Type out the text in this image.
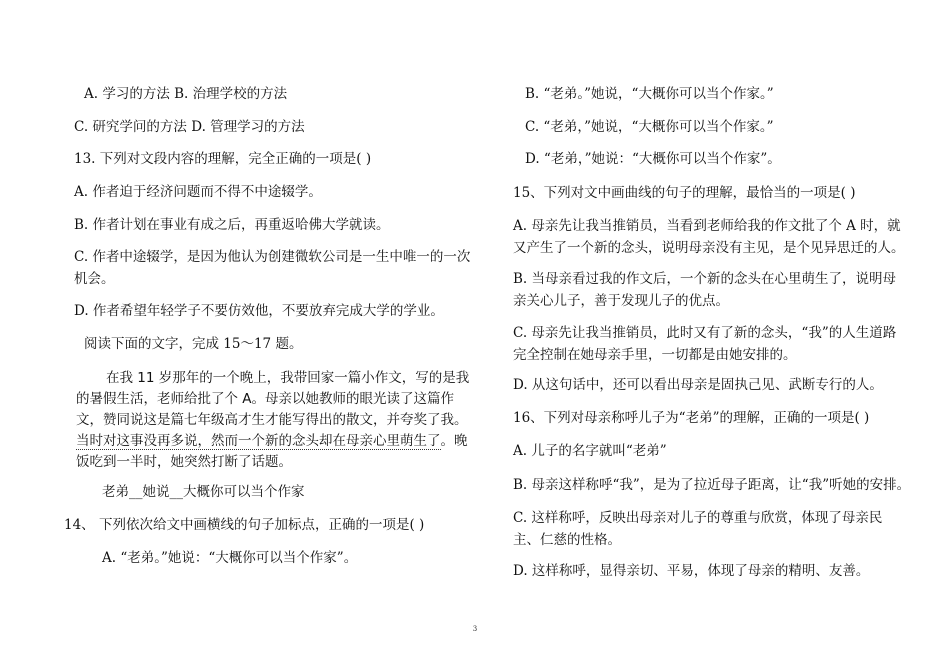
A. 学习的方法 B. 治理学校的方法
C. 研究学问的方法 D. 管理学习的方法
13. 下列对文段内容的理解，完全正确的一项是( )
A. 作者迫于经济问题而不得不中途辍学。
B. 作者计划在事业有成之后，再重返哈佛大学就读。
C. 作者中途辍学，是因为他认为创建微软公司是一生中唯一的一次机会。
D. 作者希望年轻学子不要仿效他，不要放弃完成大学的学业。
阅读下面的文字，完成 15～17 题。
在我 11 岁那年的一个晚上，我带回家一篇小作文，写的是我的暑假生活，老师给批了个 A。母亲以她教师的眼光读了这篇作文，赞同说这是篇七年级高才生才能写得出的散文，并夸奖了我。当时对这事没再多说，然而一个新的念头却在母亲心里萌生了。晚饭吃到一半时，她突然打断了话题。
老弟__她说__大概你可以当个作家
14、 下列依次给文中画横线的句子加标点，正确的一项是( )
A. “老弟。”她说：“大概你可以当个作家”。
B. “老弟。”她说，“大概你可以当个作家。”
C. “老弟，”她说，“大概你可以当个作家。”
D. “老弟，”她说：“大概你可以当个作家”。
15、下列对文中画曲线的句子的理解，最恰当的一项是( )
A. 母亲先让我当推销员，当看到老师给我的作文批了个 A 时，就又产生了一个新的念头，说明母亲没有主见，是个见异思迁的人。
B. 当母亲看过我的作文后，一个新的念头在心里萌生了，说明母亲关心儿子，善于发现儿子的优点。
C. 母亲先让我当推销员，此时又有了新的念头，“我”的人生道路完全控制在她母亲手里，一切都是由她安排的。
D. 从这句话中，还可以看出母亲是固执己见、武断专行的人。
16、下列对母亲称呼儿子为“老弟”的理解，正确的一项是( )
A. 儿子的名字就叫“老弟”
B. 母亲这样称呼“我”，是为了拉近母子距离，让“我”听她的安排。
C. 这样称呼，反映出母亲对儿子的尊重与欣赏，体现了母亲民主、仁慈的性格。
D. 这样称呼，显得亲切、平易，体现了母亲的精明、友善。
3
